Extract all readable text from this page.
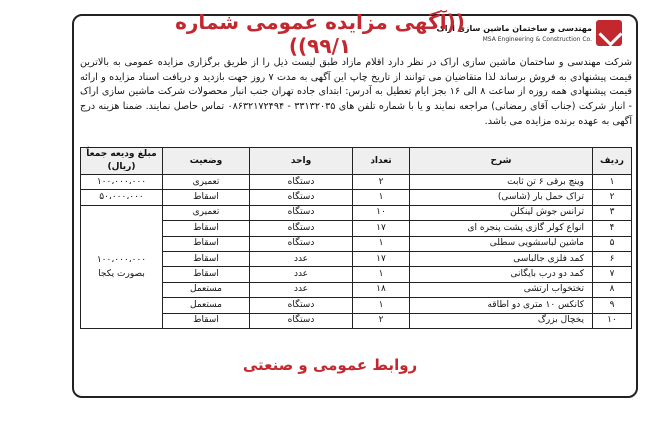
مهندسی و ساختمان ماشین سازی اراک
MSA Engineering & Construction Co.
((آگهی مزایده عمومی شماره ۹۹/۱))
شرکت مهندسی و ساختمان ماشین سازی اراک در نظر دارد اقلام مازاد طبق لیست ذیل را از طریق برگزاری مزایده عمومی به بالاترین قیمت پیشنهادی به فروش برساند لذا متقاضیان می توانند از تاریخ چاپ این آگهی به مدت ۷ روز جهت بازدید و دریافت اسناد مزایده و ارائه قیمت پیشنهادی همه روزه از ساعت ۸ الی ۱۶ بجز ایام تعطیل به آدرس: ابتدای جاده تهران جنب انبار محصولات شرکت ماشین سازی اراک - انبار شرکت (جناب آقای رمضانی) مراجعه نمایند و یا با شماره تلفن های ۳۳۱۳۲۰۳۵ - ۰۸۶۳۲۱۷۲۴۹۴ تماس حاصل نمایند. ضمنا هزینه درج آگهی به عهده برنده مزایده می باشد.
ردیف	شرح	تعداد	واحد	وضعیت	مبلغ ودیعه جمعاً (ریال)
۱	وینچ برقی ۶ تن ثابت	۲	دستگاه	تعمیری	۱۰۰،۰۰۰،۰۰۰
۲	تراک حمل بار (شاسی)	۱	دستگاه	اسقاط	۵۰،۰۰۰،۰۰۰
۳	ترانس جوش لینکلن	۱۰	دستگاه	تعمیری	۱۰۰،۰۰۰،۰۰۰
بصورت یکجا

۴	انواع کولر گازی پشت پنجره ای	۱۷	دستگاه	اسقاط	
۵	ماشین لباسشویی سطلی	۱	دستگاه	اسقاط	
۶	کمد فلزی جالباسی	۱۷	عدد	اسقاط	
۷	کمد دو درب بایگانی	۱	عدد	اسقاط	
۸	تختخواب ارتشی	۱۸	عدد	مستعمل	
۹	کانکس ۱۰ متری دو اطاقه	۱	دستگاه	مستعمل	
۱۰	یخچال بزرگ	۲	دستگاه	اسقاط	
روابط عمومی و صنعتی
